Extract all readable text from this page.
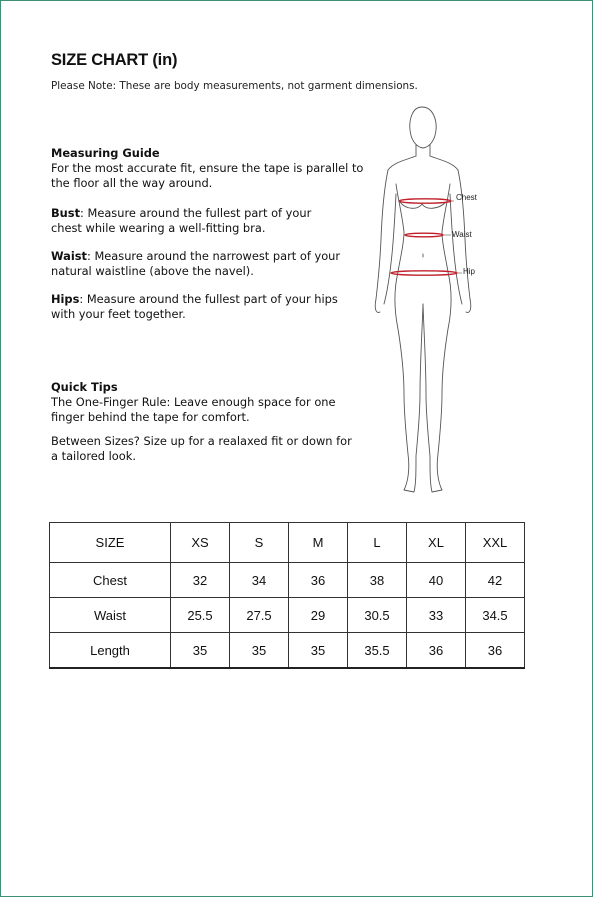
SIZE CHART (in)
Please Note: These are body measurements, not garment dimensions.

Measuring Guide

For the most accurate fit, ensure the tape is parallel to the floor all the way around.

Bust: Measure around the fullest part of your chest while wearing a well-fitting bra.

Waist: Measure around the narrowest part of your natural waistline (above the navel).

Hips: Measure around the fullest part of your hips with your feet together.

Quick Tips

The One-Finger Rule: Leave enough space for one finger behind the tape for comfort.

Between Sizes? Size up for a realaxed fit or down for a tailored look.

Chest
Waist
Hip
SIZE	XS	S	M	L	XL	XXL
Chest	32	34	36	38	40	42
Waist	25.5	27.5	29	30.5	33	34.5
Length	35	35	35	35.5	36	36
